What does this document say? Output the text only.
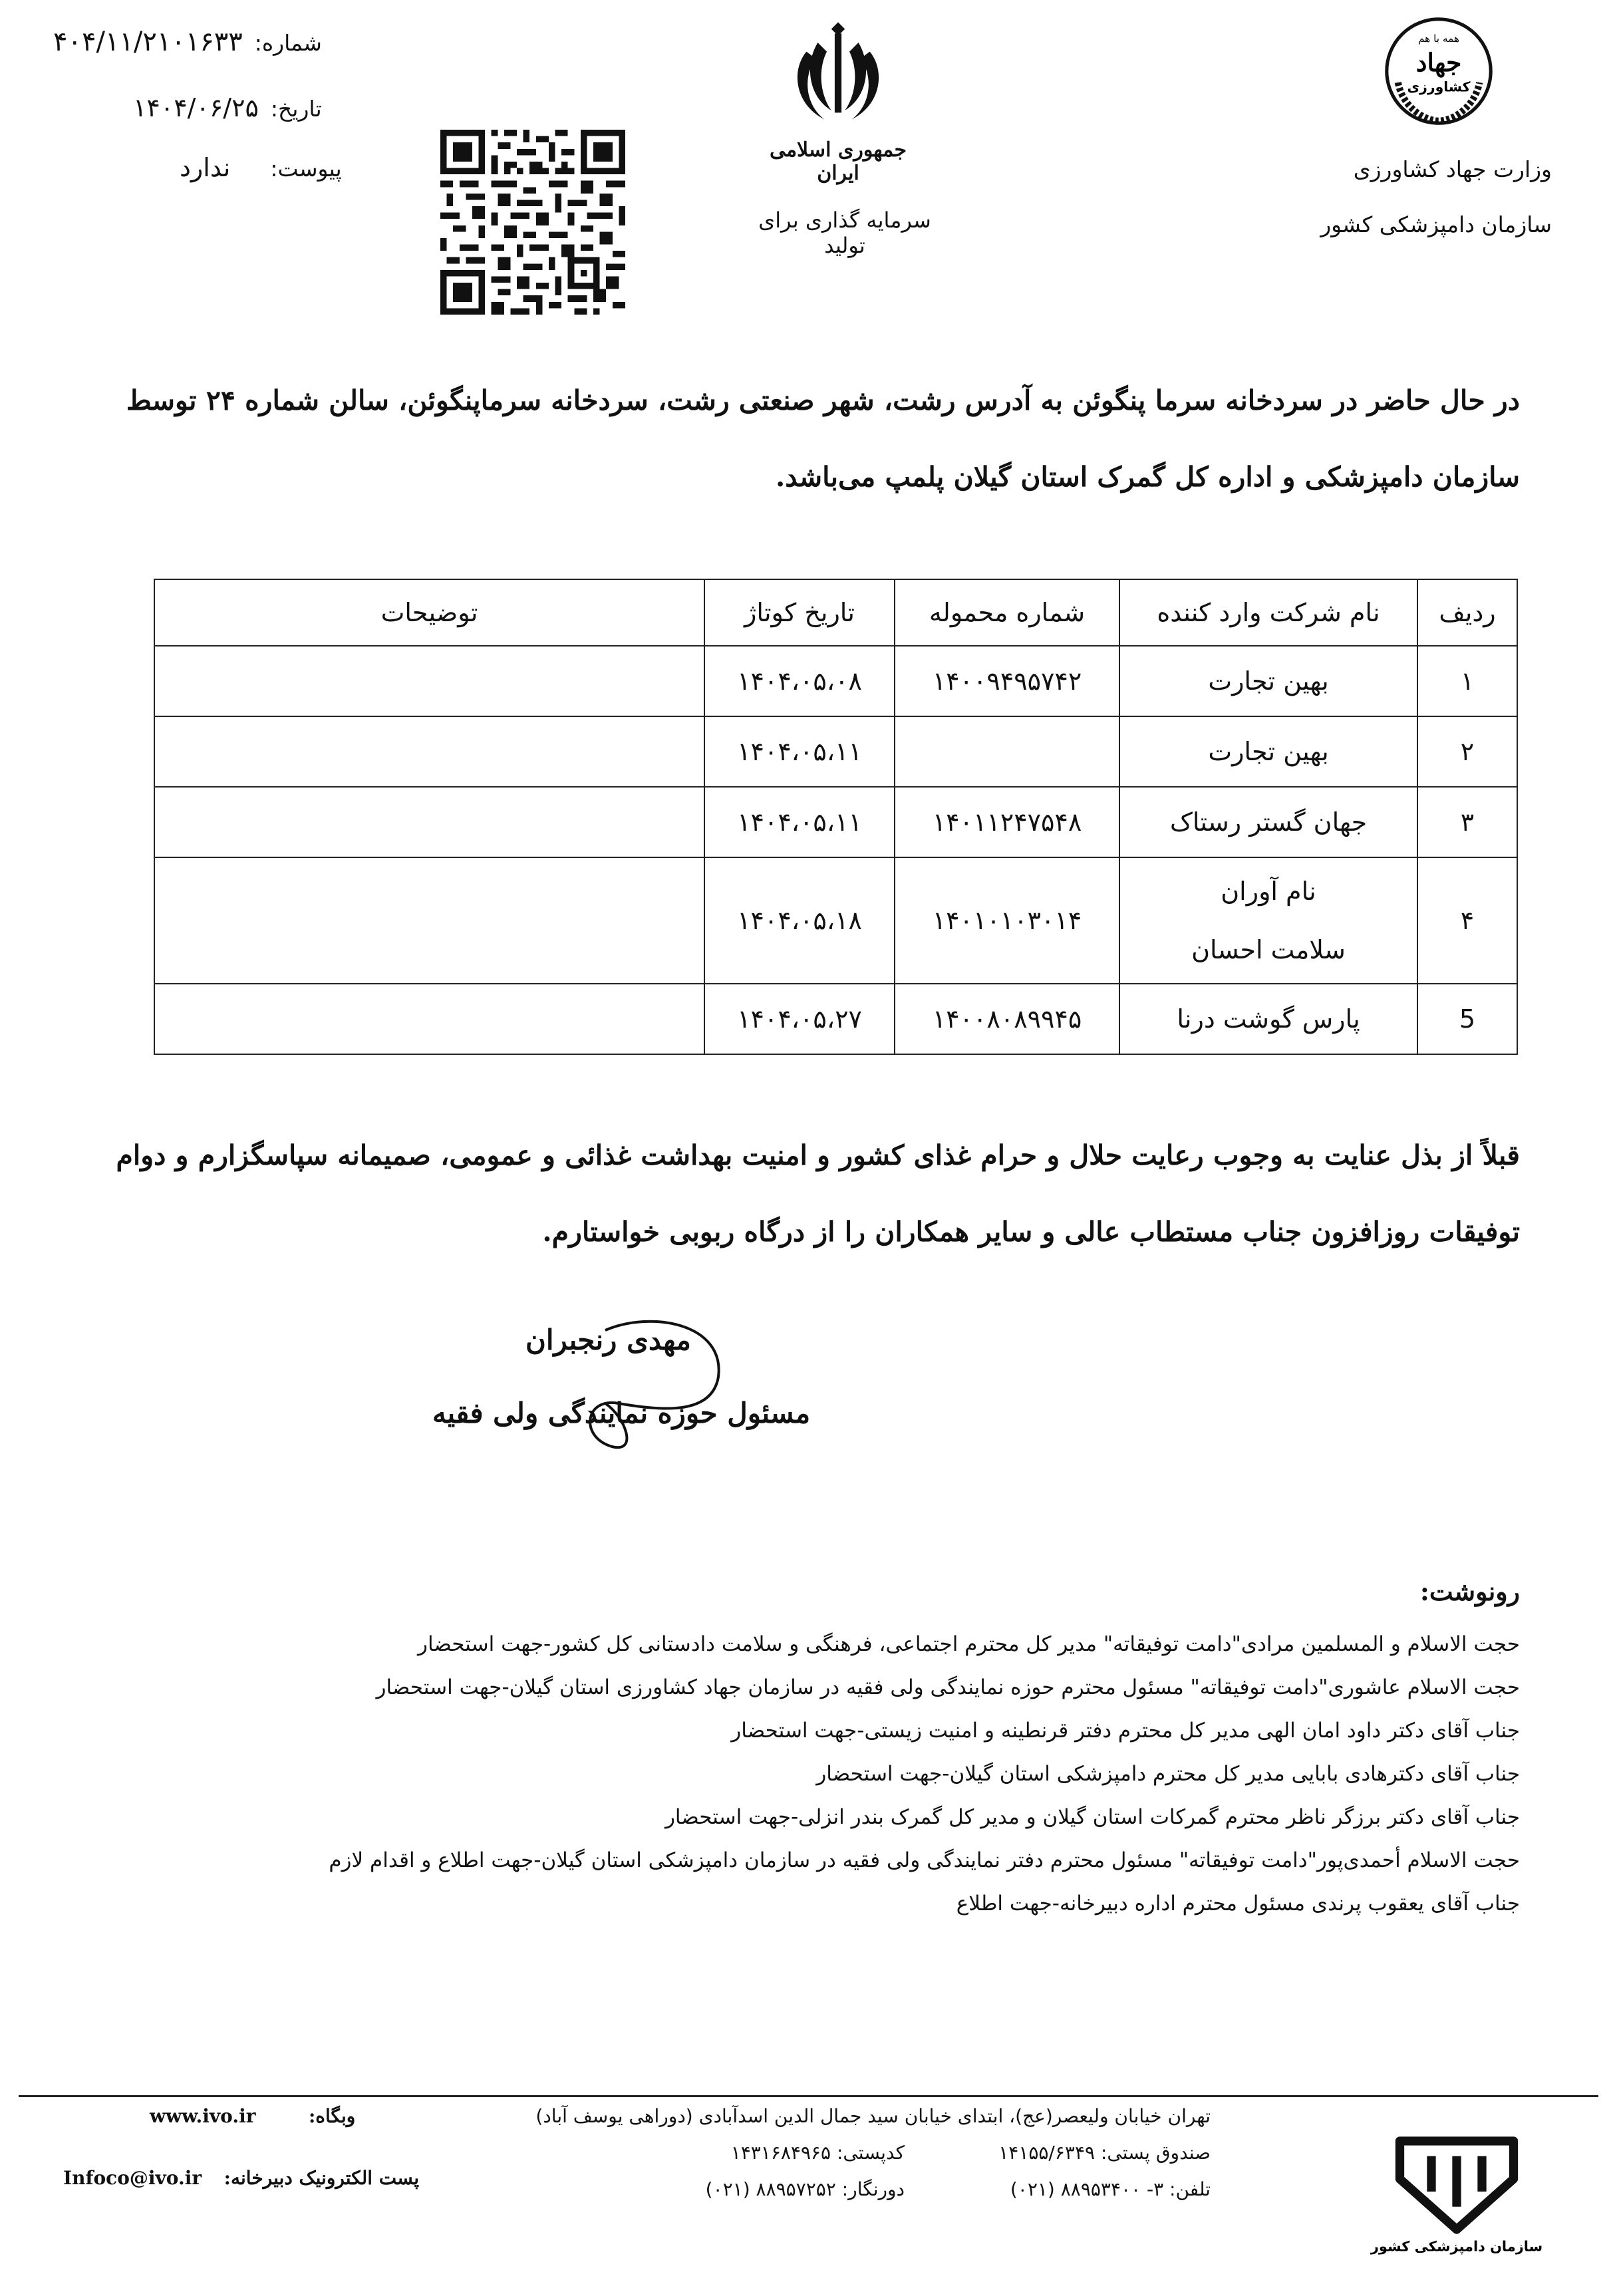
شماره:۴۰۴/۱۱/۲۱۰۱۶۳۳
تاریخ:۱۴۰۴/۰۶/۲۵
پیوست:ندارد
جمهوری اسلامی ایران
سرمایه گذاری برای تولید
همه با هم
جهاد
کشاورزی
وزارت جهاد کشاورزی
سازمان دامپزشکی کشور
در حال حاضر در سردخانه سرما پنگوئن به آدرس رشت، شهر صنعتی رشت، سردخانه سرماپنگوئن، سالن شماره ۲۴ توسط سازمان دامپزشکی و اداره کل گمرک استان گیلان پلمپ می‌باشد.
ردیف	نام شرکت وارد کننده	شماره محموله	تاریخ کوتاژ	توضیحات
۱	بهین تجارت	۱۴۰۰۹۴۹۵۷۴۲	۱۴۰۴،۰۵،۰۸	
۲	بهین تجارت		۱۴۰۴،۰۵،۱۱	
۳	جهان گستر رستاک	۱۴۰۱۱۲۴۷۵۴۸	۱۴۰۴،۰۵،۱۱	
۴	نام آوران سلامت احسان	۱۴۰۱۰۱۰۳۰۱۴	۱۴۰۴،۰۵،۱۸	
5	پارس گوشت درنا	۱۴۰۰۸۰۸۹۹۴۵	۱۴۰۴،۰۵،۲۷	
قبلاً از بذل عنایت به وجوب رعایت حلال و حرام غذای کشور و امنیت بهداشت غذائی و عمومی، صمیمانه سپاسگزارم و دوام توفیقات روزافزون جناب مستطاب عالی و سایر همکاران را از درگاه ربوبی خواستارم.
مهدی رنجبران
مسئول حوزه نمایندگی ولی فقیه
رونوشت:
حجت الاسلام و المسلمین مرادی"دامت توفیقاته" مدیر کل محترم اجتماعی، فرهنگی و سلامت دادستانی کل کشور-جهت استحضار
حجت الاسلام عاشوری"دامت توفیقاته" مسئول محترم حوزه نمایندگی ولی فقیه در سازمان جهاد کشاورزی استان گیلان-جهت استحضار
جناب آقای دکتر داود امان الهی مدیر کل محترم دفتر قرنطینه و امنیت زیستی-جهت استحضار
جناب آقای دکترهادی بابایی مدیر کل محترم دامپزشکی استان گیلان-جهت استحضار
جناب آقای دکتر برزگر ناظر محترم گمرکات استان گیلان و مدیر کل گمرک بندر انزلی-جهت استحضار
حجت الاسلام أحمدی‌پور"دامت توفیقاته" مسئول محترم دفتر نمایندگی ولی فقیه در سازمان دامپزشکی استان گیلان-جهت اطلاع و اقدام لازم
جناب آقای یعقوب پرندی مسئول محترم اداره دبیرخانه-جهت اطلاع
سازمان دامپزشکی کشور
تهران خیابان ولیعصر(عج)، ابتدای خیابان سید جمال الدین اسدآبادی (دوراهی یوسف آباد)
صندوق پستی: ۱۴۱۵۵/۶۳۴۹
کدپستی: ۱۴۳۱۶۸۴۹۶۵
تلفن: ۳- ۸۸۹۵۳۴۰۰ (۰۲۱)
دورنگار: ۸۸۹۵۷۲۵۲ (۰۲۱)
وبگاه:  www.ivo.ir
پست الکترونیک دبیرخانه:  Infoco@ivo.ir
